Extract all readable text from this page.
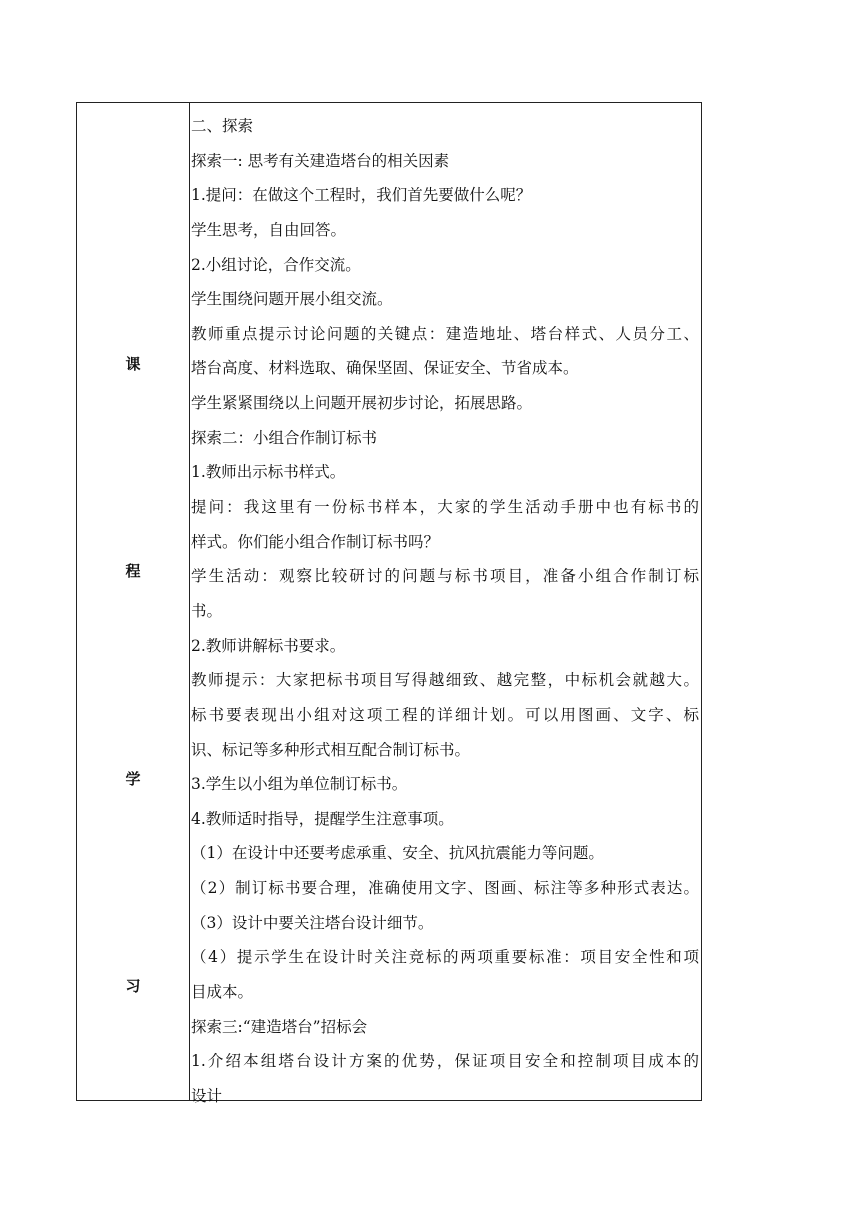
课
程
学
习
二、探索
探索一: 思考有关建造塔台的相关因素
1.提问：在做这个工程时，我们首先要做什么呢？
学生思考，自由回答。
2.小组讨论，合作交流。
学生围绕问题开展小组交流。
教师重点提示讨论问题的关键点：建造地址、塔台样式、人员分工、
塔台高度、材料选取、确保坚固、保证安全、节省成本。
学生紧紧围绕以上问题开展初步讨论，拓展思路。
探索二：小组合作制订标书
1.教师出示标书样式。
提问：我这里有一份标书样本，大家的学生活动手册中也有标书的
样式。你们能小组合作制订标书吗？
学生活动：观察比较研讨的问题与标书项目，准备小组合作制订标
书。
2.教师讲解标书要求。
教师提示：大家把标书项目写得越细致、越完整，中标机会就越大。
标书要表现出小组对这项工程的详细计划。可以用图画、文字、标
识、标记等多种形式相互配合制订标书。
3.学生以小组为单位制订标书。
4.教师适时指导，提醒学生注意事项。
（1）在设计中还要考虑承重、安全、抗风抗震能力等问题。
（2）制订标书要合理，准确使用文字、图画、标注等多种形式表达。
（3）设计中要关注塔台设计细节。
（4）提示学生在设计时关注竞标的两项重要标准：项目安全性和项
目成本。
探索三:“建造塔台”招标会
1.介绍本组塔台设计方案的优势，保证项目安全和控制项目成本的
设计
